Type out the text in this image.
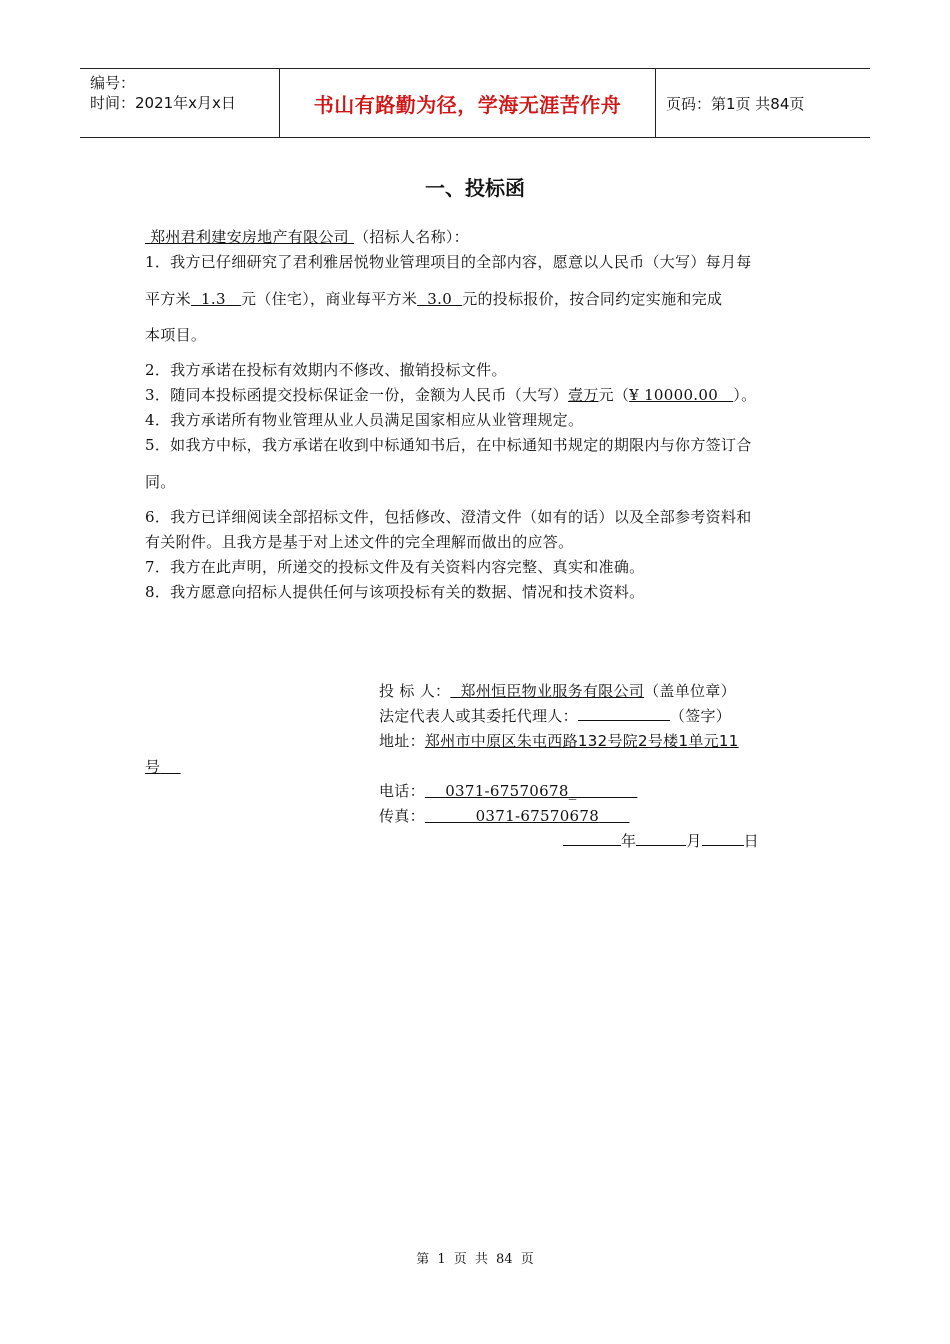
编号：
时间：2021年x月x日	书山有路勤为径，学海无涯苦作舟	页码：第1页 共84页
一、投标函
郑州君利建安房地产有限公司 （招标人名称）：
1．我方已仔细研究了君利雅居悦物业管理项目的全部内容，愿意以人民币（大写）每月每
平方米 1.3 元（住宅），商业每平方米 3.0 元的投标报价，按合同约定实施和完成
本项目。
2．我方承诺在投标有效期内不修改、撤销投标文件。
3．随同本投标函提交投标保证金一份，金额为人民币（大写）壹万元（¥ 10000.00 ）。
4．我方承诺所有物业管理从业人员满足国家相应从业管理规定。
5．如我方中标，我方承诺在收到中标通知书后，在中标通知书规定的期限内与你方签订合
同。
6．我方已详细阅读全部招标文件，包括修改、澄清文件（如有的话）以及全部参考资料和
有关附件。且我方是基于对上述文件的完全理解而做出的应答。
7．我方在此声明，所递交的投标文件及有关资料内容完整、真实和准确。
8．我方愿意向招标人提供任何与该项投标有关的数据、情况和技术资料。
投 标 人： 郑州恒臣物业服务有限公司（盖单位章）
法定代表人或其委托代理人：	（签字）
地址：郑州市中原区朱屯西路132号院2号楼1单元11
号
电话： 0371-67570678_
传真：	0371-67570678
年	月	日
第 1 页 共 84 页
